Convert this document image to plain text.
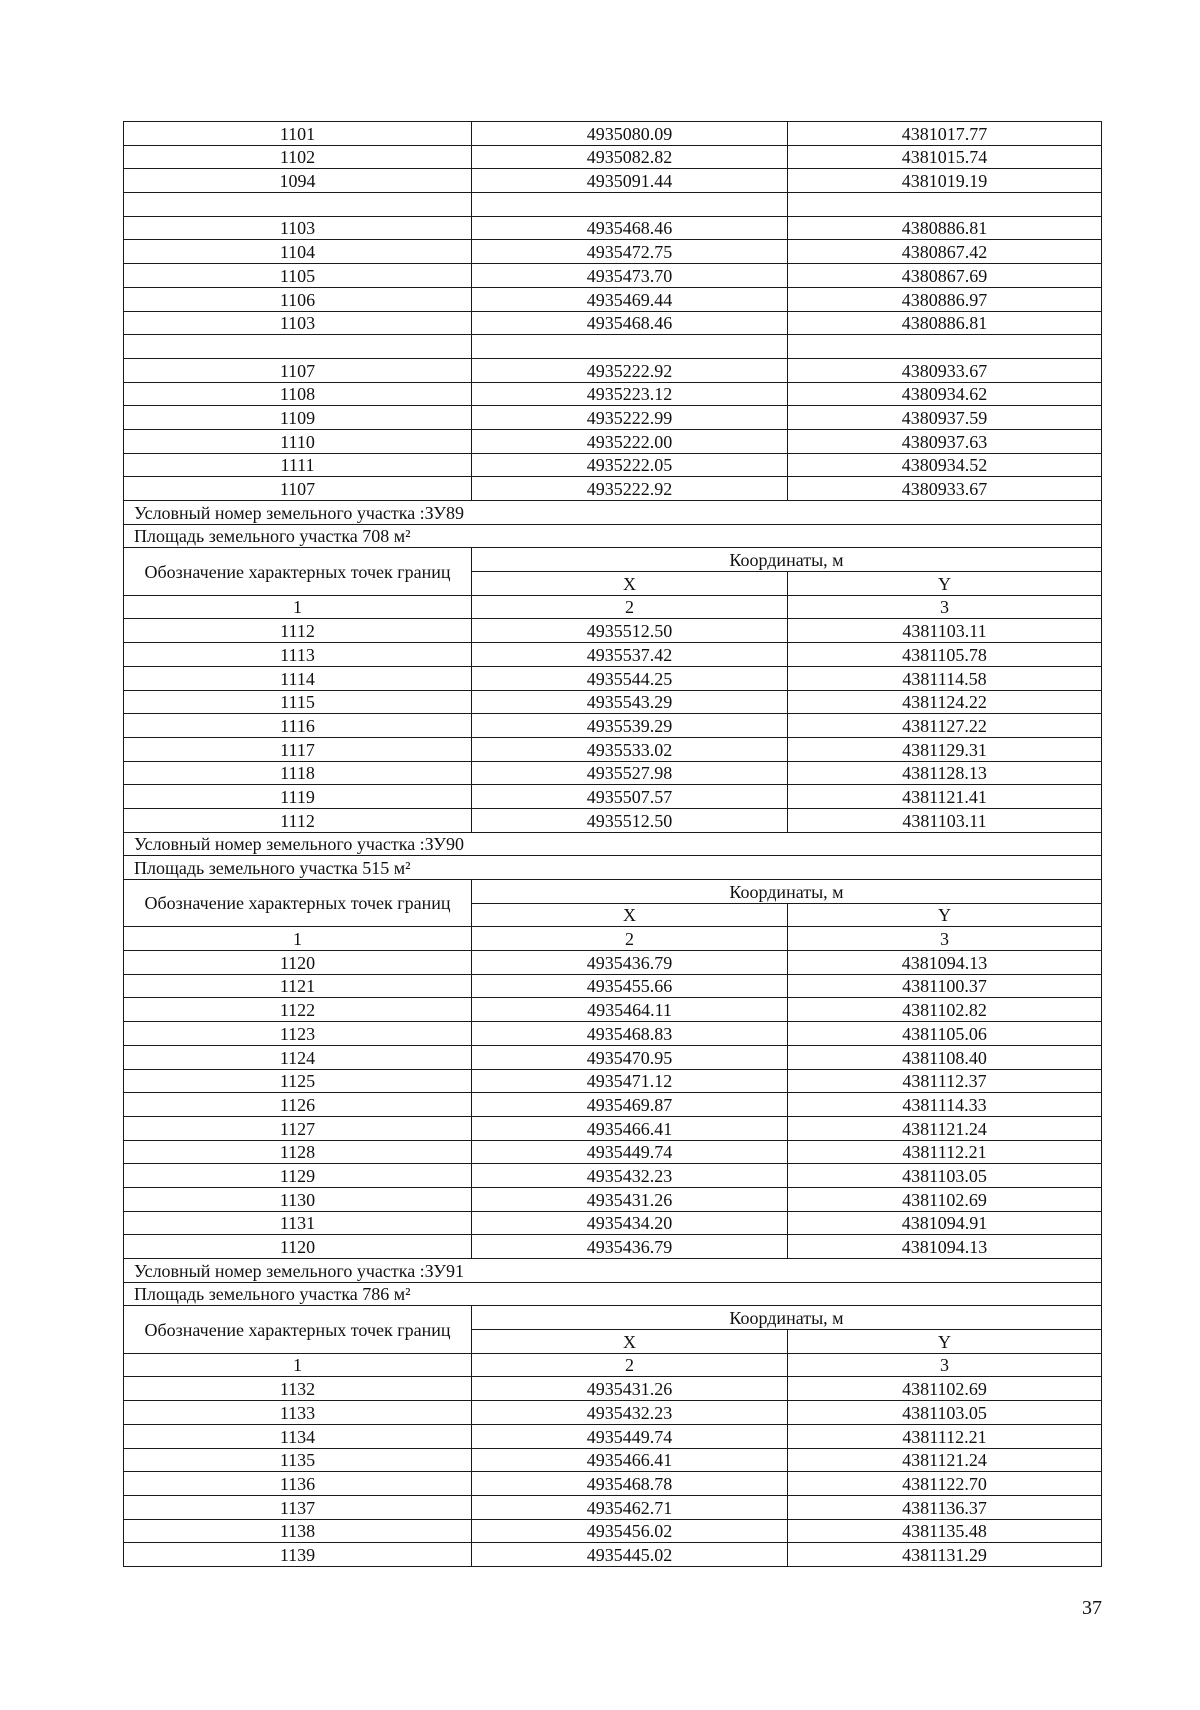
1101	4935080.09	4381017.77
1102	4935082.82	4381015.74
1094	4935091.44	4381019.19

1103	4935468.46	4380886.81
1104	4935472.75	4380867.42
1105	4935473.70	4380867.69
1106	4935469.44	4380886.97
1103	4935468.46	4380886.81

1107	4935222.92	4380933.67
1108	4935223.12	4380934.62
1109	4935222.99	4380937.59
1110	4935222.00	4380937.63
1111	4935222.05	4380934.52
1107	4935222.92	4380933.67
Условный номер земельного участка :ЗУ89		
Площадь земельного участка 708 м²		
Обозначение характерных точек границ	Координаты, м	
	X	Y
1	2	3
1112	4935512.50	4381103.11
1113	4935537.42	4381105.78
1114	4935544.25	4381114.58
1115	4935543.29	4381124.22
1116	4935539.29	4381127.22
1117	4935533.02	4381129.31
1118	4935527.98	4381128.13
1119	4935507.57	4381121.41
1112	4935512.50	4381103.11
Условный номер земельного участка :ЗУ90		
Площадь земельного участка 515 м²		
Обозначение характерных точек границ	Координаты, м	
	X	Y
1	2	3
1120	4935436.79	4381094.13
1121	4935455.66	4381100.37
1122	4935464.11	4381102.82
1123	4935468.83	4381105.06
1124	4935470.95	4381108.40
1125	4935471.12	4381112.37
1126	4935469.87	4381114.33
1127	4935466.41	4381121.24
1128	4935449.74	4381112.21
1129	4935432.23	4381103.05
1130	4935431.26	4381102.69
1131	4935434.20	4381094.91
1120	4935436.79	4381094.13
Условный номер земельного участка :ЗУ91		
Площадь земельного участка 786 м²		
Обозначение характерных точек границ	Координаты, м	
	X	Y
1	2	3
1132	4935431.26	4381102.69
1133	4935432.23	4381103.05
1134	4935449.74	4381112.21
1135	4935466.41	4381121.24
1136	4935468.78	4381122.70
1137	4935462.71	4381136.37
1138	4935456.02	4381135.48
1139	4935445.02	4381131.29
37
